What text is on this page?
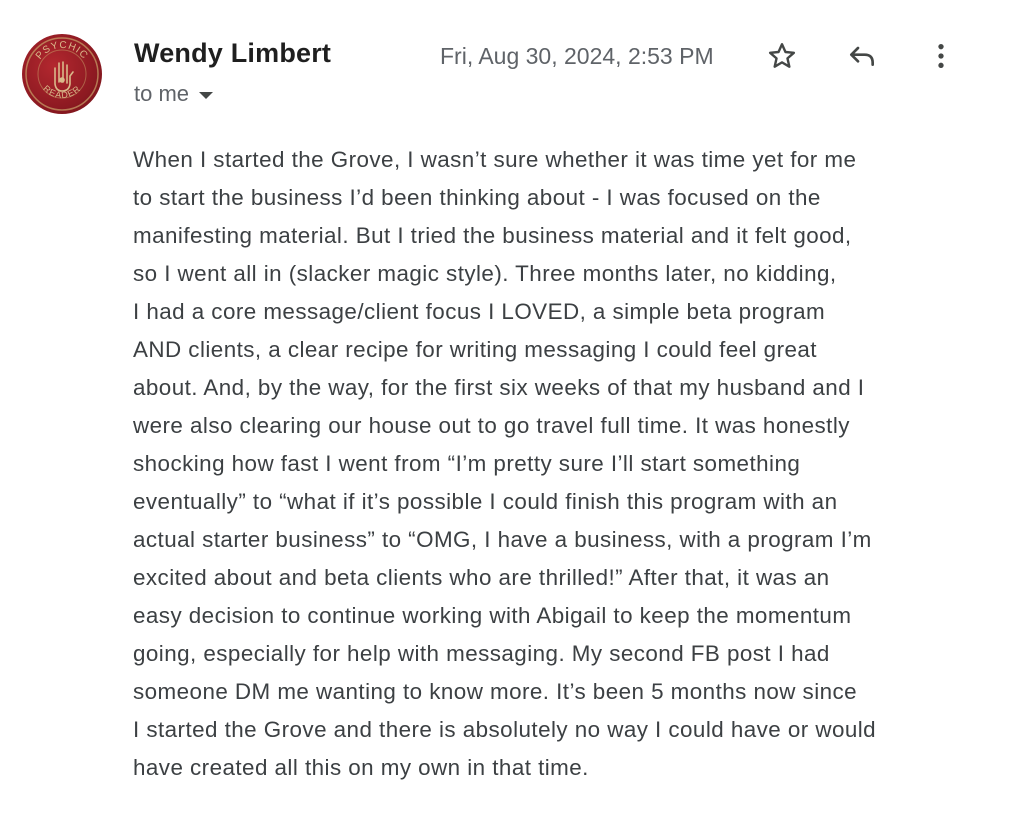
PSYCHIC
READER
Wendy Limbert
to me
Fri, Aug 30, 2024, 2:53 PM
When I started the Grove, I wasn’t sure whether it was time yet for me
to start the business I’d been thinking about - I was focused on the
manifesting material. But I tried the business material and it felt good,
so I went all in (slacker magic style). Three months later, no kidding,
I had a core message/client focus I LOVED, a simple beta program
AND clients, a clear recipe for writing messaging I could feel great
about. And, by the way, for the first six weeks of that my husband and I
were also clearing our house out to go travel full time. It was honestly
shocking how fast I went from “I’m pretty sure I’ll start something
eventually” to “what if it’s possible I could finish this program with an
actual starter business” to “OMG, I have a business, with a program I’m
excited about and beta clients who are thrilled!” After that, it was an
easy decision to continue working with Abigail to keep the momentum
going, especially for help with messaging. My second FB post I had
someone DM me wanting to know more. It’s been 5 months now since
I started the Grove and there is absolutely no way I could have or would
have created all this on my own in that time.
